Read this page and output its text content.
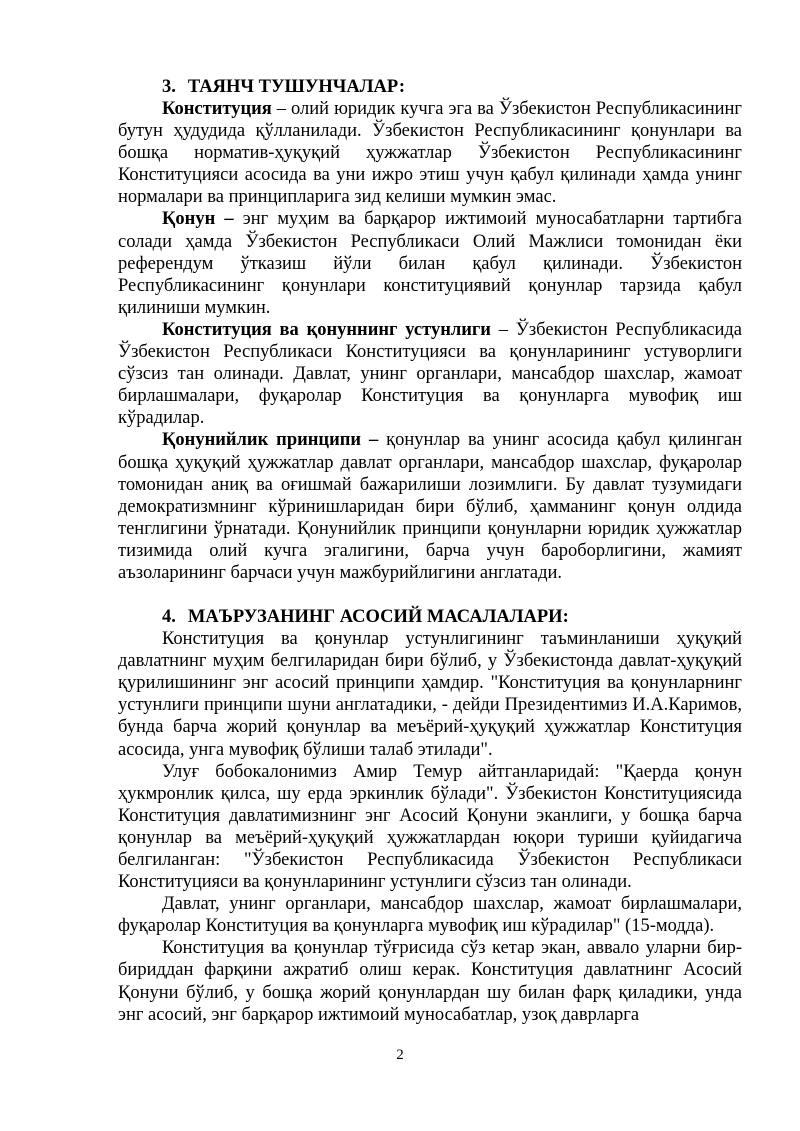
3. ТАЯНЧ ТУШУНЧАЛАР:

Конституция – олий юридик кучга эга ва Ўзбекистон Республикасининг бутун ҳудудида қўлланилади. Ўзбекистон Республикасининг қонунлари ва бошқа норматив-ҳуқуқий ҳужжатлар Ўзбекистон Республикасининг Конституцияси асосида ва уни ижро этиш учун қабул қилинади ҳамда унинг нормалари ва принципларига зид келиши мумкин эмас.

Қонун – энг муҳим ва барқарор ижтимоий муносабатларни тартибга солади ҳамда Ўзбекистон Республикаси Олий Мажлиси томонидан ёки референдум ўтказиш йўли билан қабул қилинади. Ўзбекистон Республикасининг қонунлари конституциявий қонунлар тарзида қабул қилиниши мумкин.

Конституция ва қонуннинг устунлиги – Ўзбекистон Республикасида Ўзбекистон Республикаси Конституцияси ва қонунларининг устуворлиги сўзсиз тан олинади. Давлат, унинг органлари, мансабдор шахслар, жамоат бирлашмалари, фуқаролар Конституция ва қонунларга мувофиқ иш кўрадилар.

Қонунийлик принципи – қонунлар ва унинг асосида қабул қилинган бошқа ҳуқуқий ҳужжатлар давлат органлари, мансабдор шахслар, фуқаролар томонидан аниқ ва оғишмай бажарилиши лозимлиги. Бу давлат тузумидаги демократизмнинг кўринишларидан бири бўлиб, ҳамманинг қонун олдида тенглигини ўрнатади. Қонунийлик принципи қонунларни юридик ҳужжатлар тизимида олий кучга эгалигини, барча учун бароборлигини, жамият аъзоларининг барчаси учун мажбурийлигини англатади.

4. МАЪРУЗАНИНГ АСОСИЙ МАСАЛАЛАРИ:

Конституция ва қонунлар устунлигининг таъминланиши ҳуқуқий давлатнинг муҳим белгиларидан бири бўлиб, у Ўзбекистонда давлат-ҳуқуқий қурилишининг энг асосий принципи ҳамдир. "Конституция ва қонунларнинг устунлиги принципи шуни англатадики, - дейди Президентимиз И.А.Каримов, бунда барча жорий қонунлар ва меъёрий-ҳуқуқий ҳужжатлар Конституция асосида, унга мувофиқ бўлиши талаб этилади".

Улуғ бобокалонимиз Амир Темур айтганларидай: "Қаерда қонун ҳукмронлик қилса, шу ерда эркинлик бўлади". Ўзбекистон Конституциясида Конституция давлатимизнинг энг Асосий Қонуни эканлиги, у бошқа барча қонунлар ва меъёрий-ҳуқуқий ҳужжатлардан юқори туриши қуйидагича белгиланган: "Ўзбекистон Республикасида Ўзбекистон Республикаси Конституцияси ва қонунларининг устунлиги сўзсиз тан олинади.

Давлат, унинг органлари, мансабдор шахслар, жамоат бирлашмалари, фуқаролар Конституция ва қонунларга мувофиқ иш кўрадилар" (15-модда).

Конституция ва қонунлар тўғрисида сўз кетар экан, аввало уларни бир-бириддан фарқини ажратиб олиш керак. Конституция давлатнинг Асосий Қонуни бўлиб, у бошқа жорий қонунлардан шу билан фарқ қиладики, унда энг асосий, энг барқарор ижтимоий муносабатлар, узоқ даврларга

2
